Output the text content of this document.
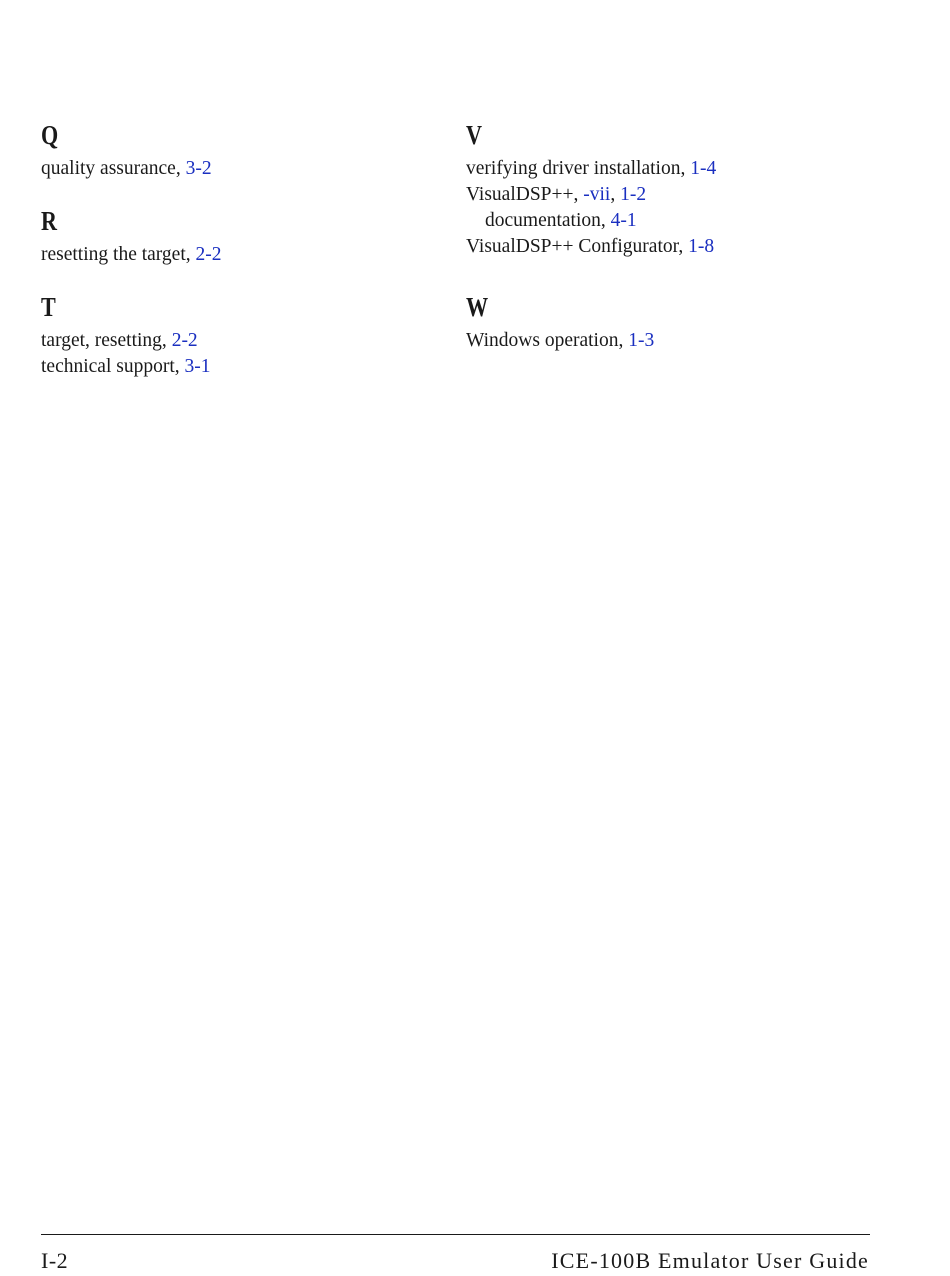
Q
quality assurance, 3-2
R
resetting the target, 2-2
T
target, resetting, 2-2
technical support, 3-1
V
verifying driver installation, 1-4
VisualDSP++, -vii, 1-2
documentation, 4-1
VisualDSP++ Configurator, 1-8
W
Windows operation, 1-3
I-2	ICE-100B Emulator User Guide
